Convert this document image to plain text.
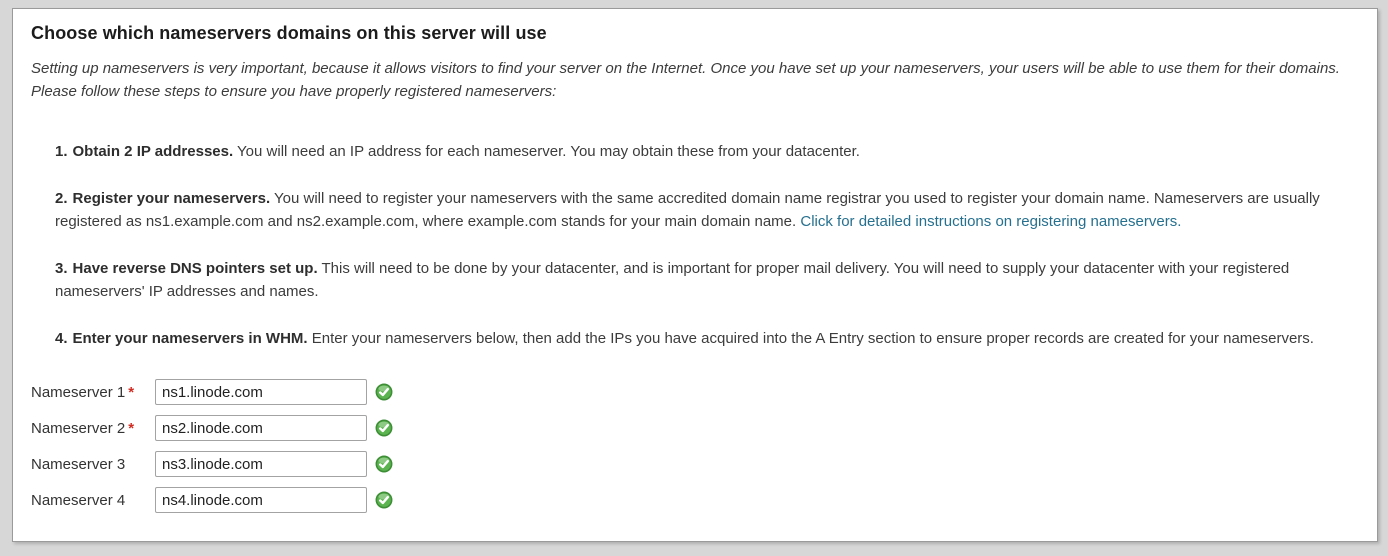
Choose which nameservers domains on this server will use

Setting up nameservers is very important, because it allows visitors to find your server on the Internet. Once you have set up your nameservers, your users will be able to use them for their domains. Please follow these steps to ensure you have properly registered nameservers:

1. Obtain 2 IP addresses. You will need an IP address for each nameserver. You may obtain these from your datacenter.

2. Register your nameservers. You will need to register your nameservers with the same accredited domain name registrar you used to register your domain name. Nameservers are usually registered as ns1.example.com and ns2.example.com, where example.com stands for your main domain name. Click for detailed instructions on registering nameservers.

3. Have reverse DNS pointers set up. This will need to be done by your datacenter, and is important for proper mail delivery. You will need to supply your datacenter with your registered nameservers' IP addresses and names.

4. Enter your nameservers in WHM. Enter your nameservers below, then add the IPs you have acquired into the A Entry section to ensure proper records are created for your nameservers.

Nameserver 1 *
ns1.linode.com
Nameserver 2 *
ns2.linode.com
Nameserver 3
ns3.linode.com
Nameserver 4
ns4.linode.com
